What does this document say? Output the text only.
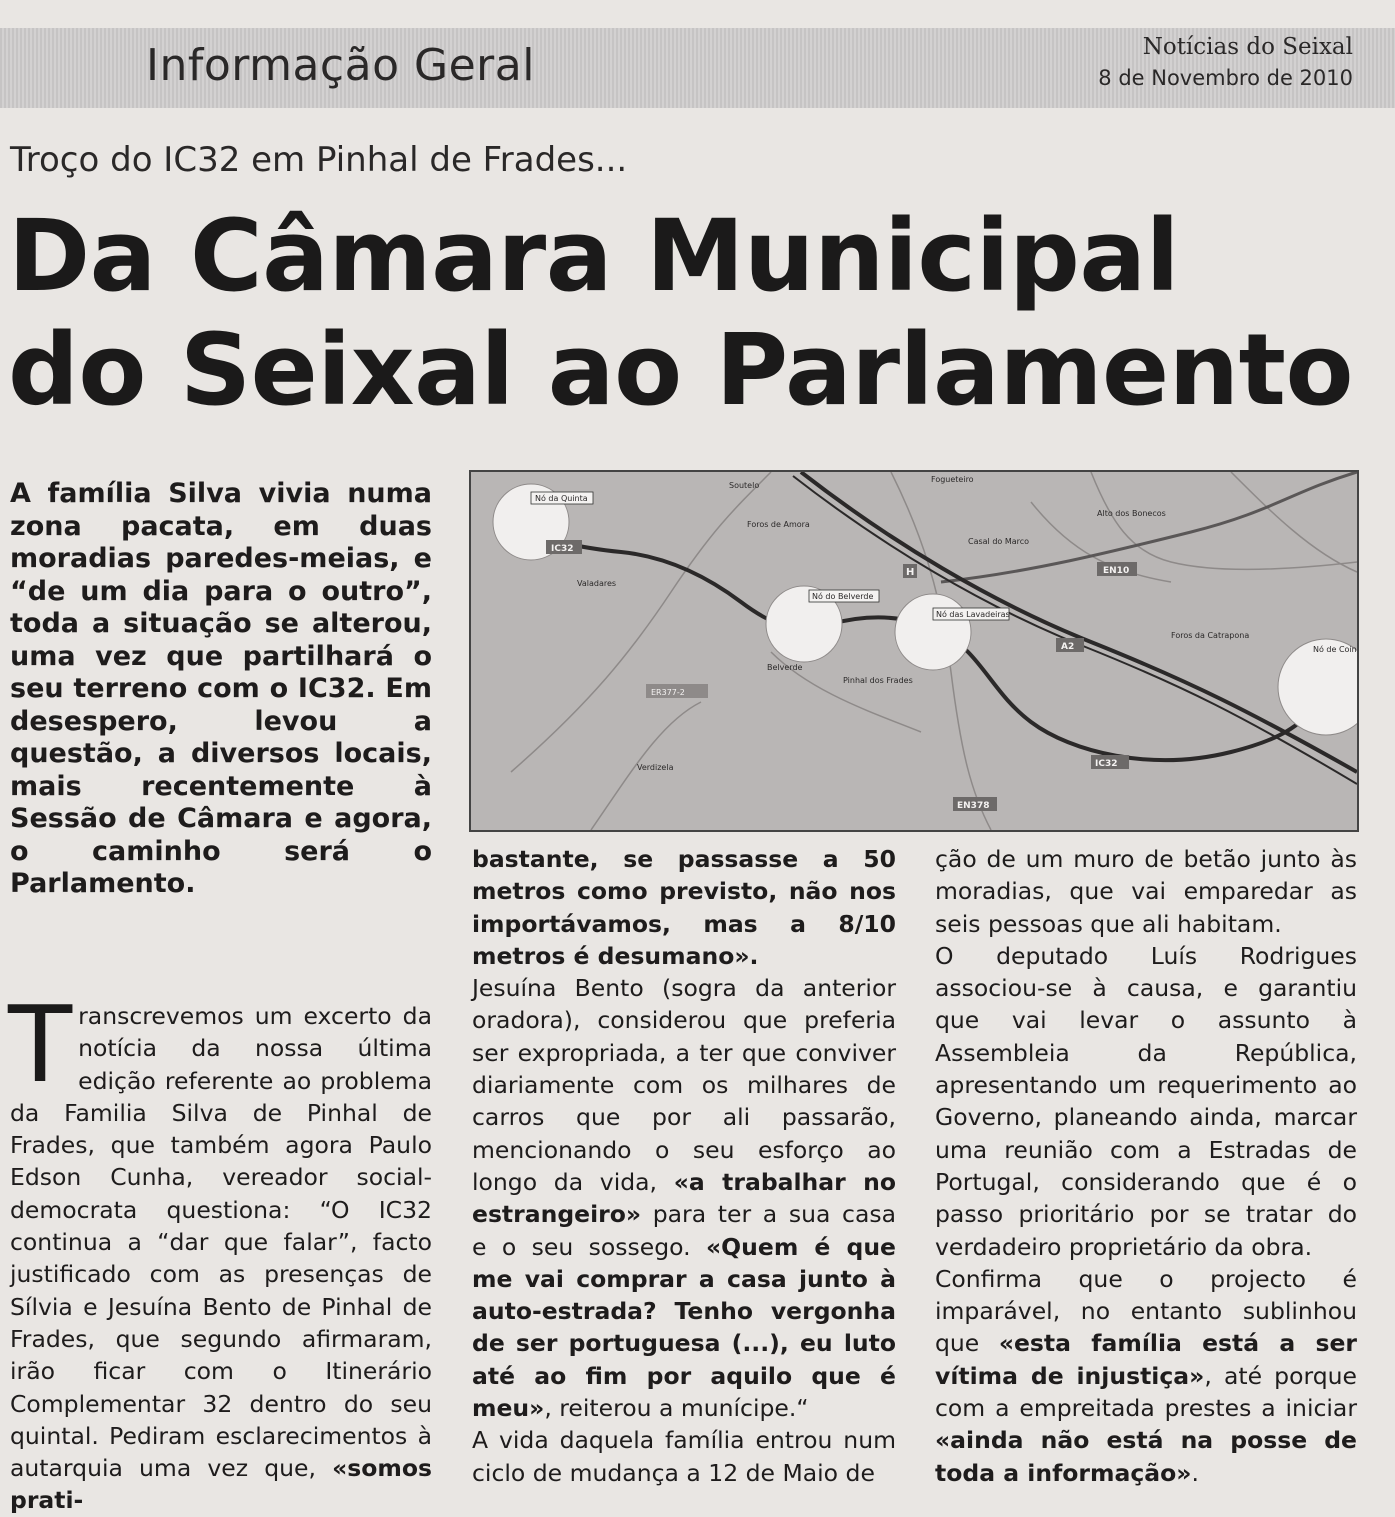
Informação Geral	Notícias do Seixal
8 de Novembro de 2010
Troço do IC32 em Pinhal de Frades...
Da Câmara Municipal
do Seixal ao Parlamento
A família Silva vivia numa zona pacata, em duas moradias paredes-meias, e “de um dia para o outro”, toda a situação se alterou, uma vez que partilhará o seu terreno com o IC32. Em desespero, levou a questão, a diversos locais, mais recentemente à Sessão de Câmara e agora, o caminho será o Parlamento.
Nó da Quinta
IC32
Soutelo
Foros de Amora
Fogueteiro
Alto dos Bonecos
Casal do Marco
EN10
Valadares
Nó do Belverde
Nó das Lavadeiras
A2
Foros da Catrapona
Nó de Coin
Belverde
Pinhal dos Frades
ER377-2
Verdizela	IC32
EN378
H

T ranscrevemos um excerto da notícia da nossa última edição referente ao problema da Familia Silva de Pinhal de Frades, que também agora Paulo Edson Cunha, vereador social-democrata questiona: “O IC32 continua a “dar que falar”, facto justificado com as presenças de Sílvia e Jesuína Bento de Pinhal de Frades, que segundo afirmaram, irão ficar com o Itinerário Complementar 32 dentro do seu quintal. Pediram esclarecimentos à autarquia uma vez que, «somos prati-

bastante, se passasse a 50 metros como previsto, não nos importávamos, mas a 8/10 metros é desumano».

Jesuína Bento (sogra da anterior oradora), considerou que preferia ser expropriada, a ter que conviver diariamente com os milhares de carros que por ali passarão, mencionando o seu esforço ao longo da vida, «a trabalhar no estrangeiro» para ter a sua casa e o seu sossego. «Quem é que me vai comprar a casa junto à auto-estrada? Tenho vergonha de ser portuguesa (...), eu luto até ao fim por aquilo que é meu», reiterou a munícipe.“

A vida daquela família entrou num ciclo de mudança a 12 de Maio de

ção de um muro de betão junto às moradias, que vai emparedar as seis pessoas que ali habitam.

O deputado Luís Rodrigues associou-se à causa, e garantiu que vai levar o assunto à Assembleia da República, apresentando um requerimento ao Governo, planeando ainda, marcar uma reunião com a Estradas de Portugal, considerando que é o passo prioritário por se tratar do verdadeiro proprietário da obra.

Confirma que o projecto é imparável, no entanto sublinhou que «esta família está a ser vítima de injustiça», até porque com a empreitada prestes a iniciar «ainda não está na posse de toda a informação».
